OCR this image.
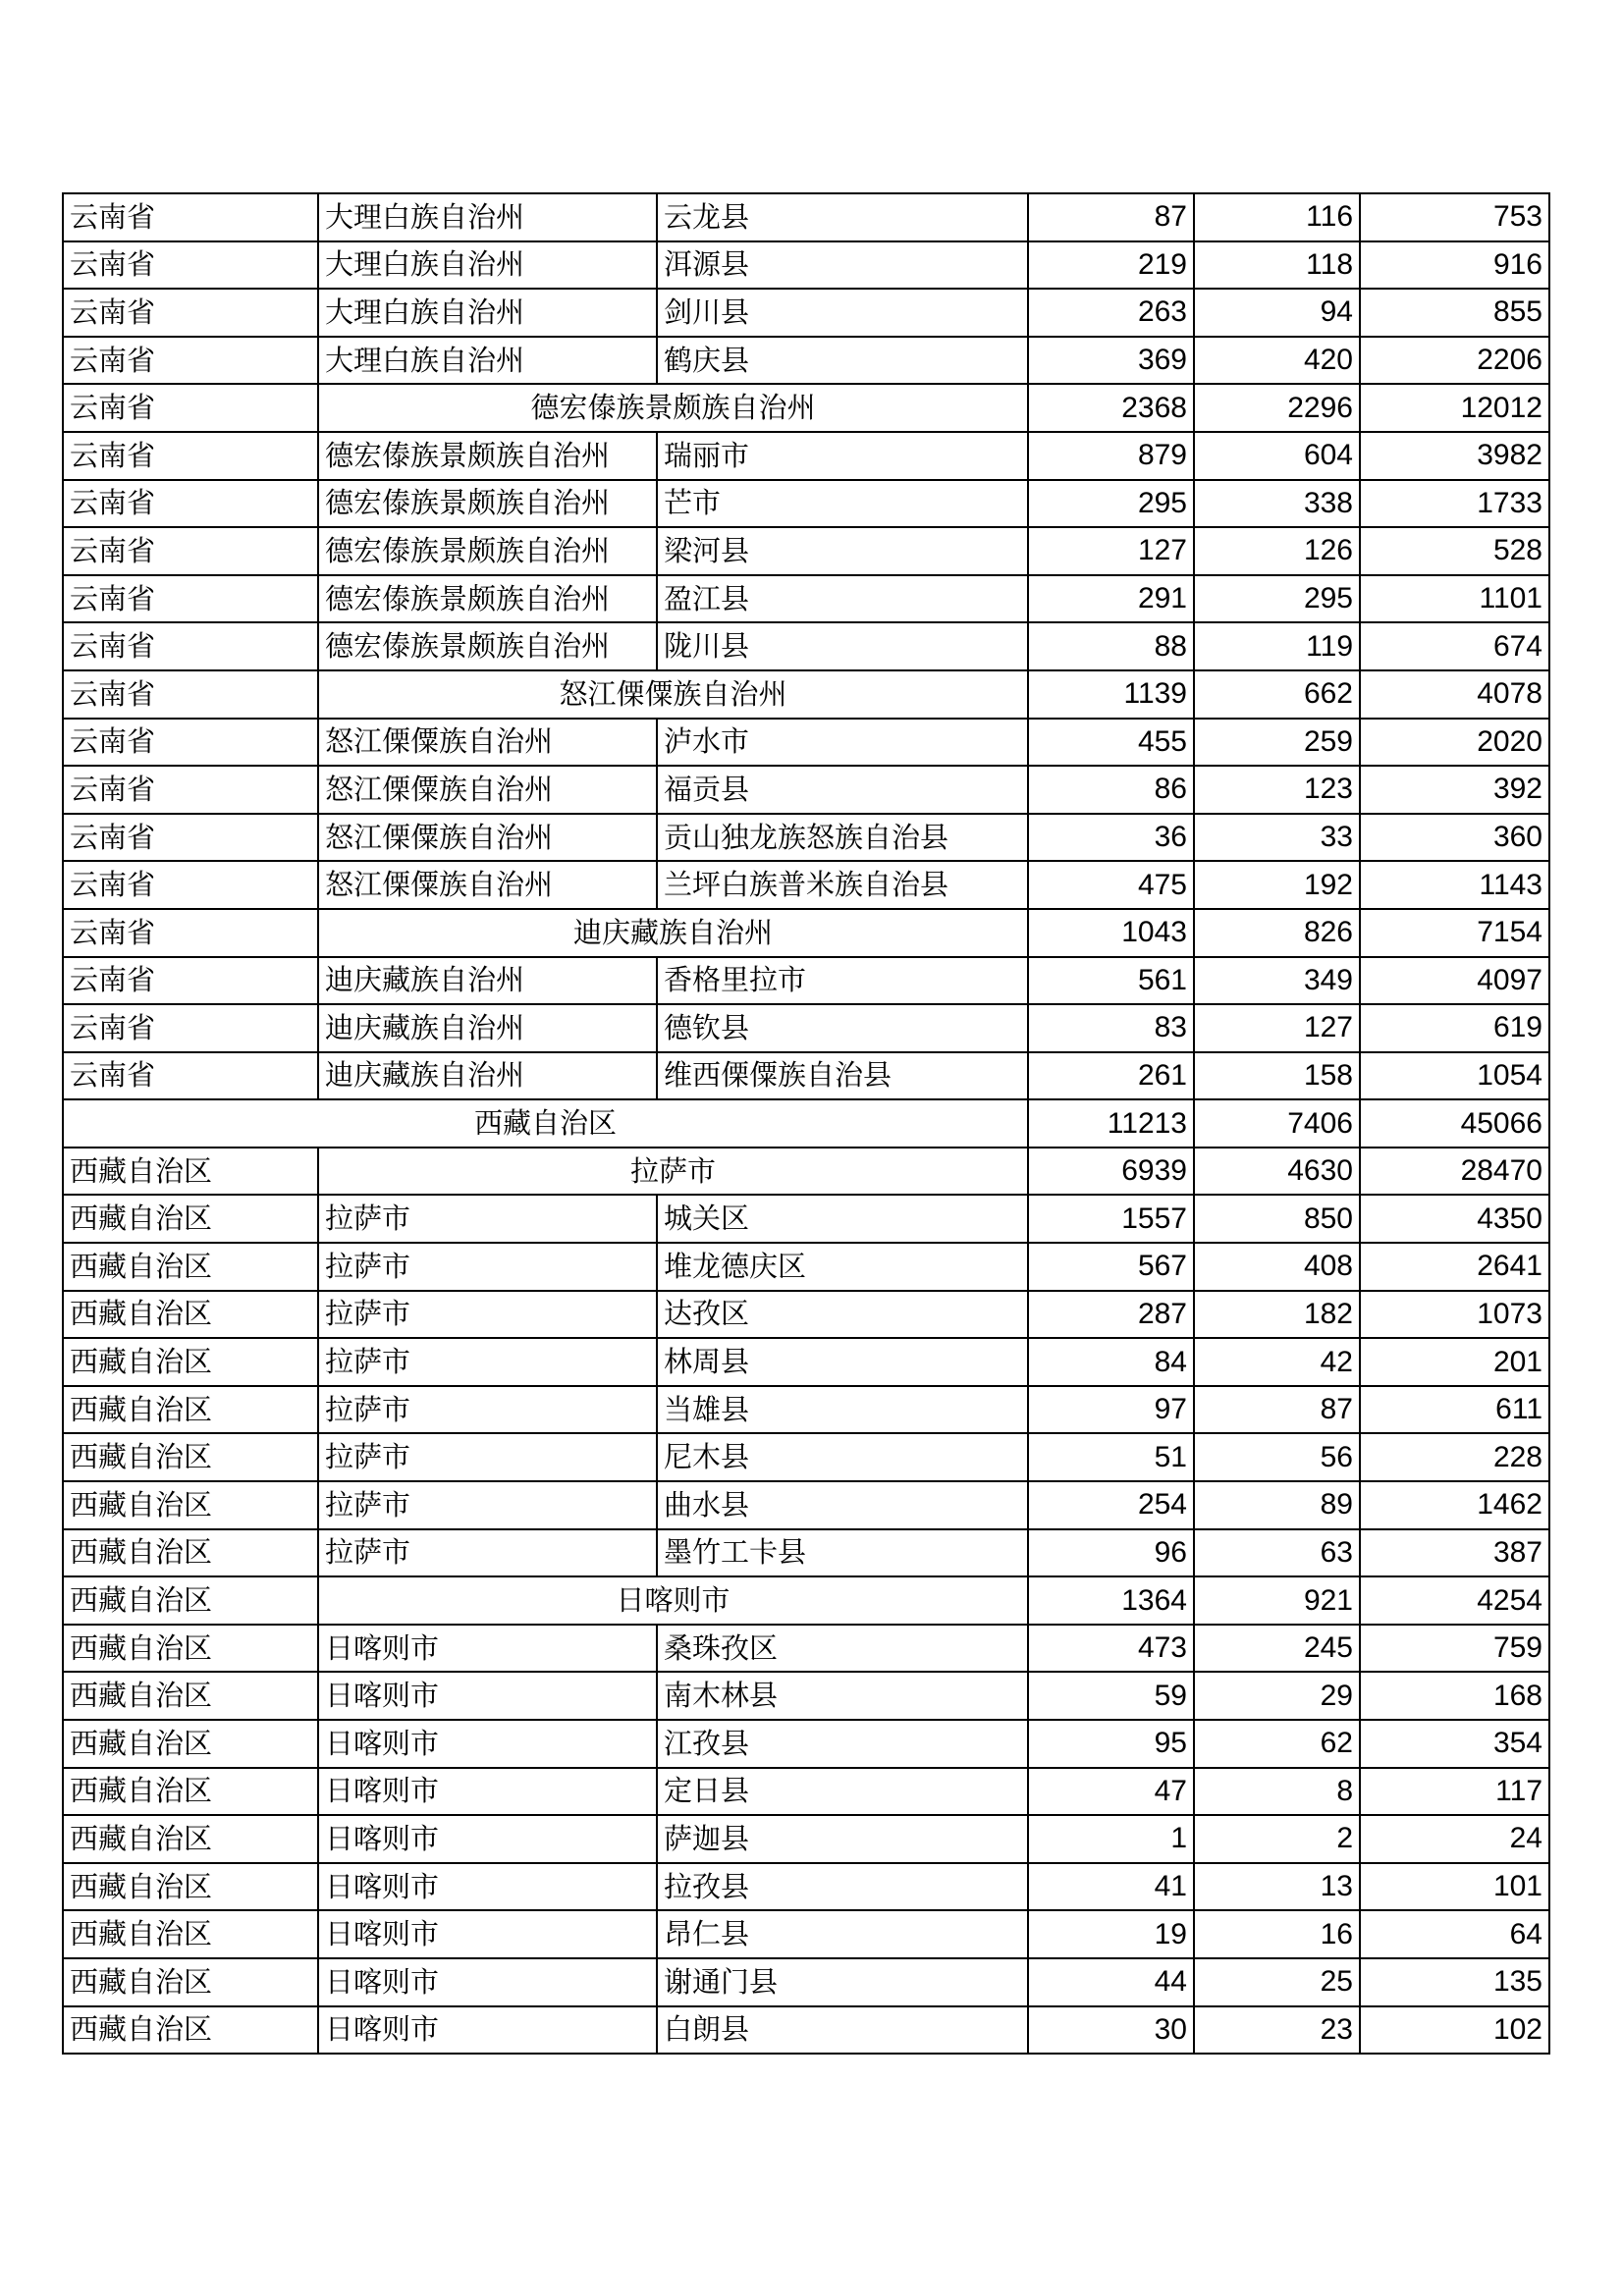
云南省	大理白族自治州	云龙县	87	116	753
云南省	大理白族自治州	洱源县	219	118	916
云南省	大理白族自治州	剑川县	263	94	855
云南省	大理白族自治州	鹤庆县	369	420	2206
云南省	德宏傣族景颇族自治州		2368	2296	12012
云南省	德宏傣族景颇族自治州	瑞丽市	879	604	3982
云南省	德宏傣族景颇族自治州	芒市	295	338	1733
云南省	德宏傣族景颇族自治州	梁河县	127	126	528
云南省	德宏傣族景颇族自治州	盈江县	291	295	1101
云南省	德宏傣族景颇族自治州	陇川县	88	119	674
云南省	怒江傈僳族自治州		1139	662	4078
云南省	怒江傈僳族自治州	泸水市	455	259	2020
云南省	怒江傈僳族自治州	福贡县	86	123	392
云南省	怒江傈僳族自治州	贡山独龙族怒族自治县	36	33	360
云南省	怒江傈僳族自治州	兰坪白族普米族自治县	475	192	1143
云南省	迪庆藏族自治州		1043	826	7154
云南省	迪庆藏族自治州	香格里拉市	561	349	4097
云南省	迪庆藏族自治州	德钦县	83	127	619
云南省	迪庆藏族自治州	维西傈僳族自治县	261	158	1054
西藏自治区			11213	7406	45066
西藏自治区	拉萨市		6939	4630	28470
西藏自治区	拉萨市	城关区	1557	850	4350
西藏自治区	拉萨市	堆龙德庆区	567	408	2641
西藏自治区	拉萨市	达孜区	287	182	1073
西藏自治区	拉萨市	林周县	84	42	201
西藏自治区	拉萨市	当雄县	97	87	611
西藏自治区	拉萨市	尼木县	51	56	228
西藏自治区	拉萨市	曲水县	254	89	1462
西藏自治区	拉萨市	墨竹工卡县	96	63	387
西藏自治区	日喀则市		1364	921	4254
西藏自治区	日喀则市	桑珠孜区	473	245	759
西藏自治区	日喀则市	南木林县	59	29	168
西藏自治区	日喀则市	江孜县	95	62	354
西藏自治区	日喀则市	定日县	47	8	117
西藏自治区	日喀则市	萨迦县	1	2	24
西藏自治区	日喀则市	拉孜县	41	13	101
西藏自治区	日喀则市	昂仁县	19	16	64
西藏自治区	日喀则市	谢通门县	44	25	135
西藏自治区	日喀则市	白朗县	30	23	102
